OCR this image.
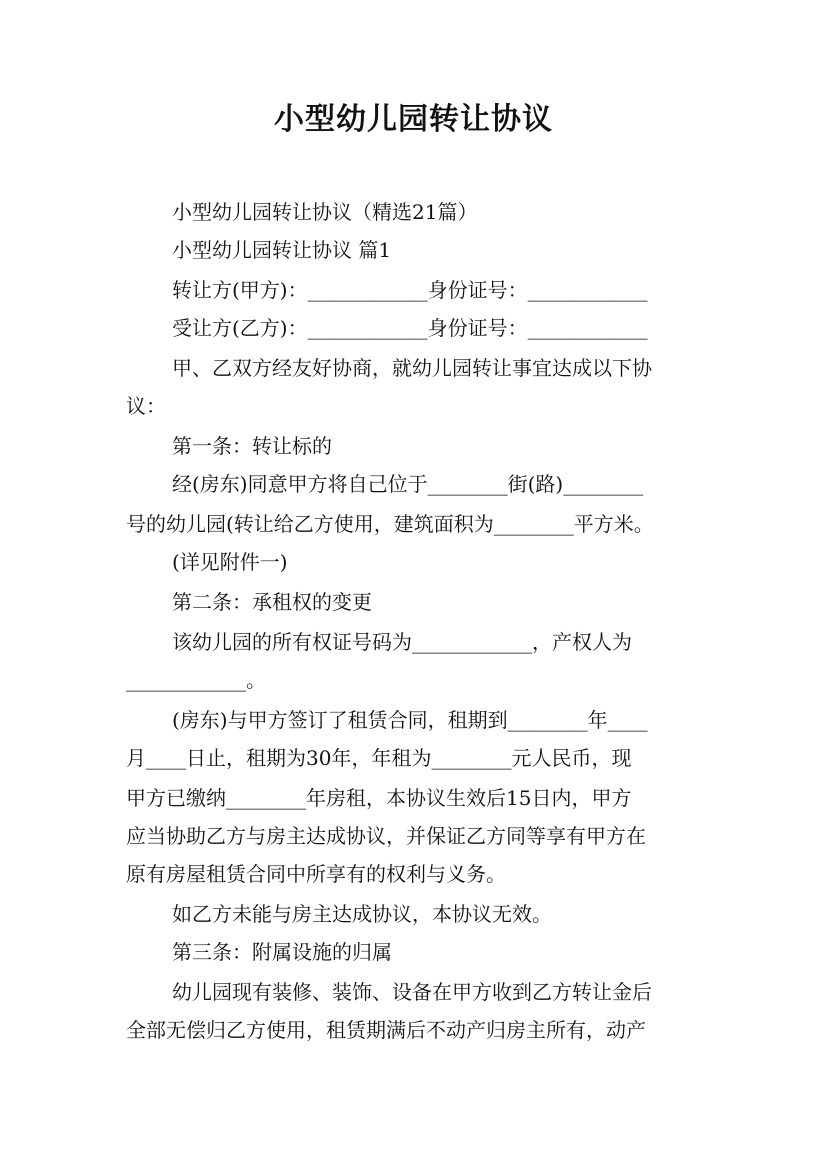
小型幼儿园转让协议
小型幼儿园转让协议（精选21篇）
小型幼儿园转让协议 篇1
转让方(甲方)：____________身份证号：____________
受让方(乙方)：____________身份证号：____________
甲、乙双方经友好协商，就幼儿园转让事宜达成以下协
议：
第一条：转让标的
经(房东)同意甲方将自己位于________街(路)________
号的幼儿园(转让给乙方使用，建筑面积为________平方米。
(详见附件一)
第二条：承租权的变更
该幼儿园的所有权证号码为____________，产权人为
____________。
(房东)与甲方签订了租赁合同，租期到________年____
月____日止，租期为30年，年租为________元人民币，现
甲方已缴纳________年房租，本协议生效后15日内，甲方
应当协助乙方与房主达成协议，并保证乙方同等享有甲方在
原有房屋租赁合同中所享有的权利与义务。
如乙方未能与房主达成协议，本协议无效。
第三条：附属设施的归属
幼儿园现有装修、装饰、设备在甲方收到乙方转让金后
全部无偿归乙方使用，租赁期满后不动产归房主所有，动产
